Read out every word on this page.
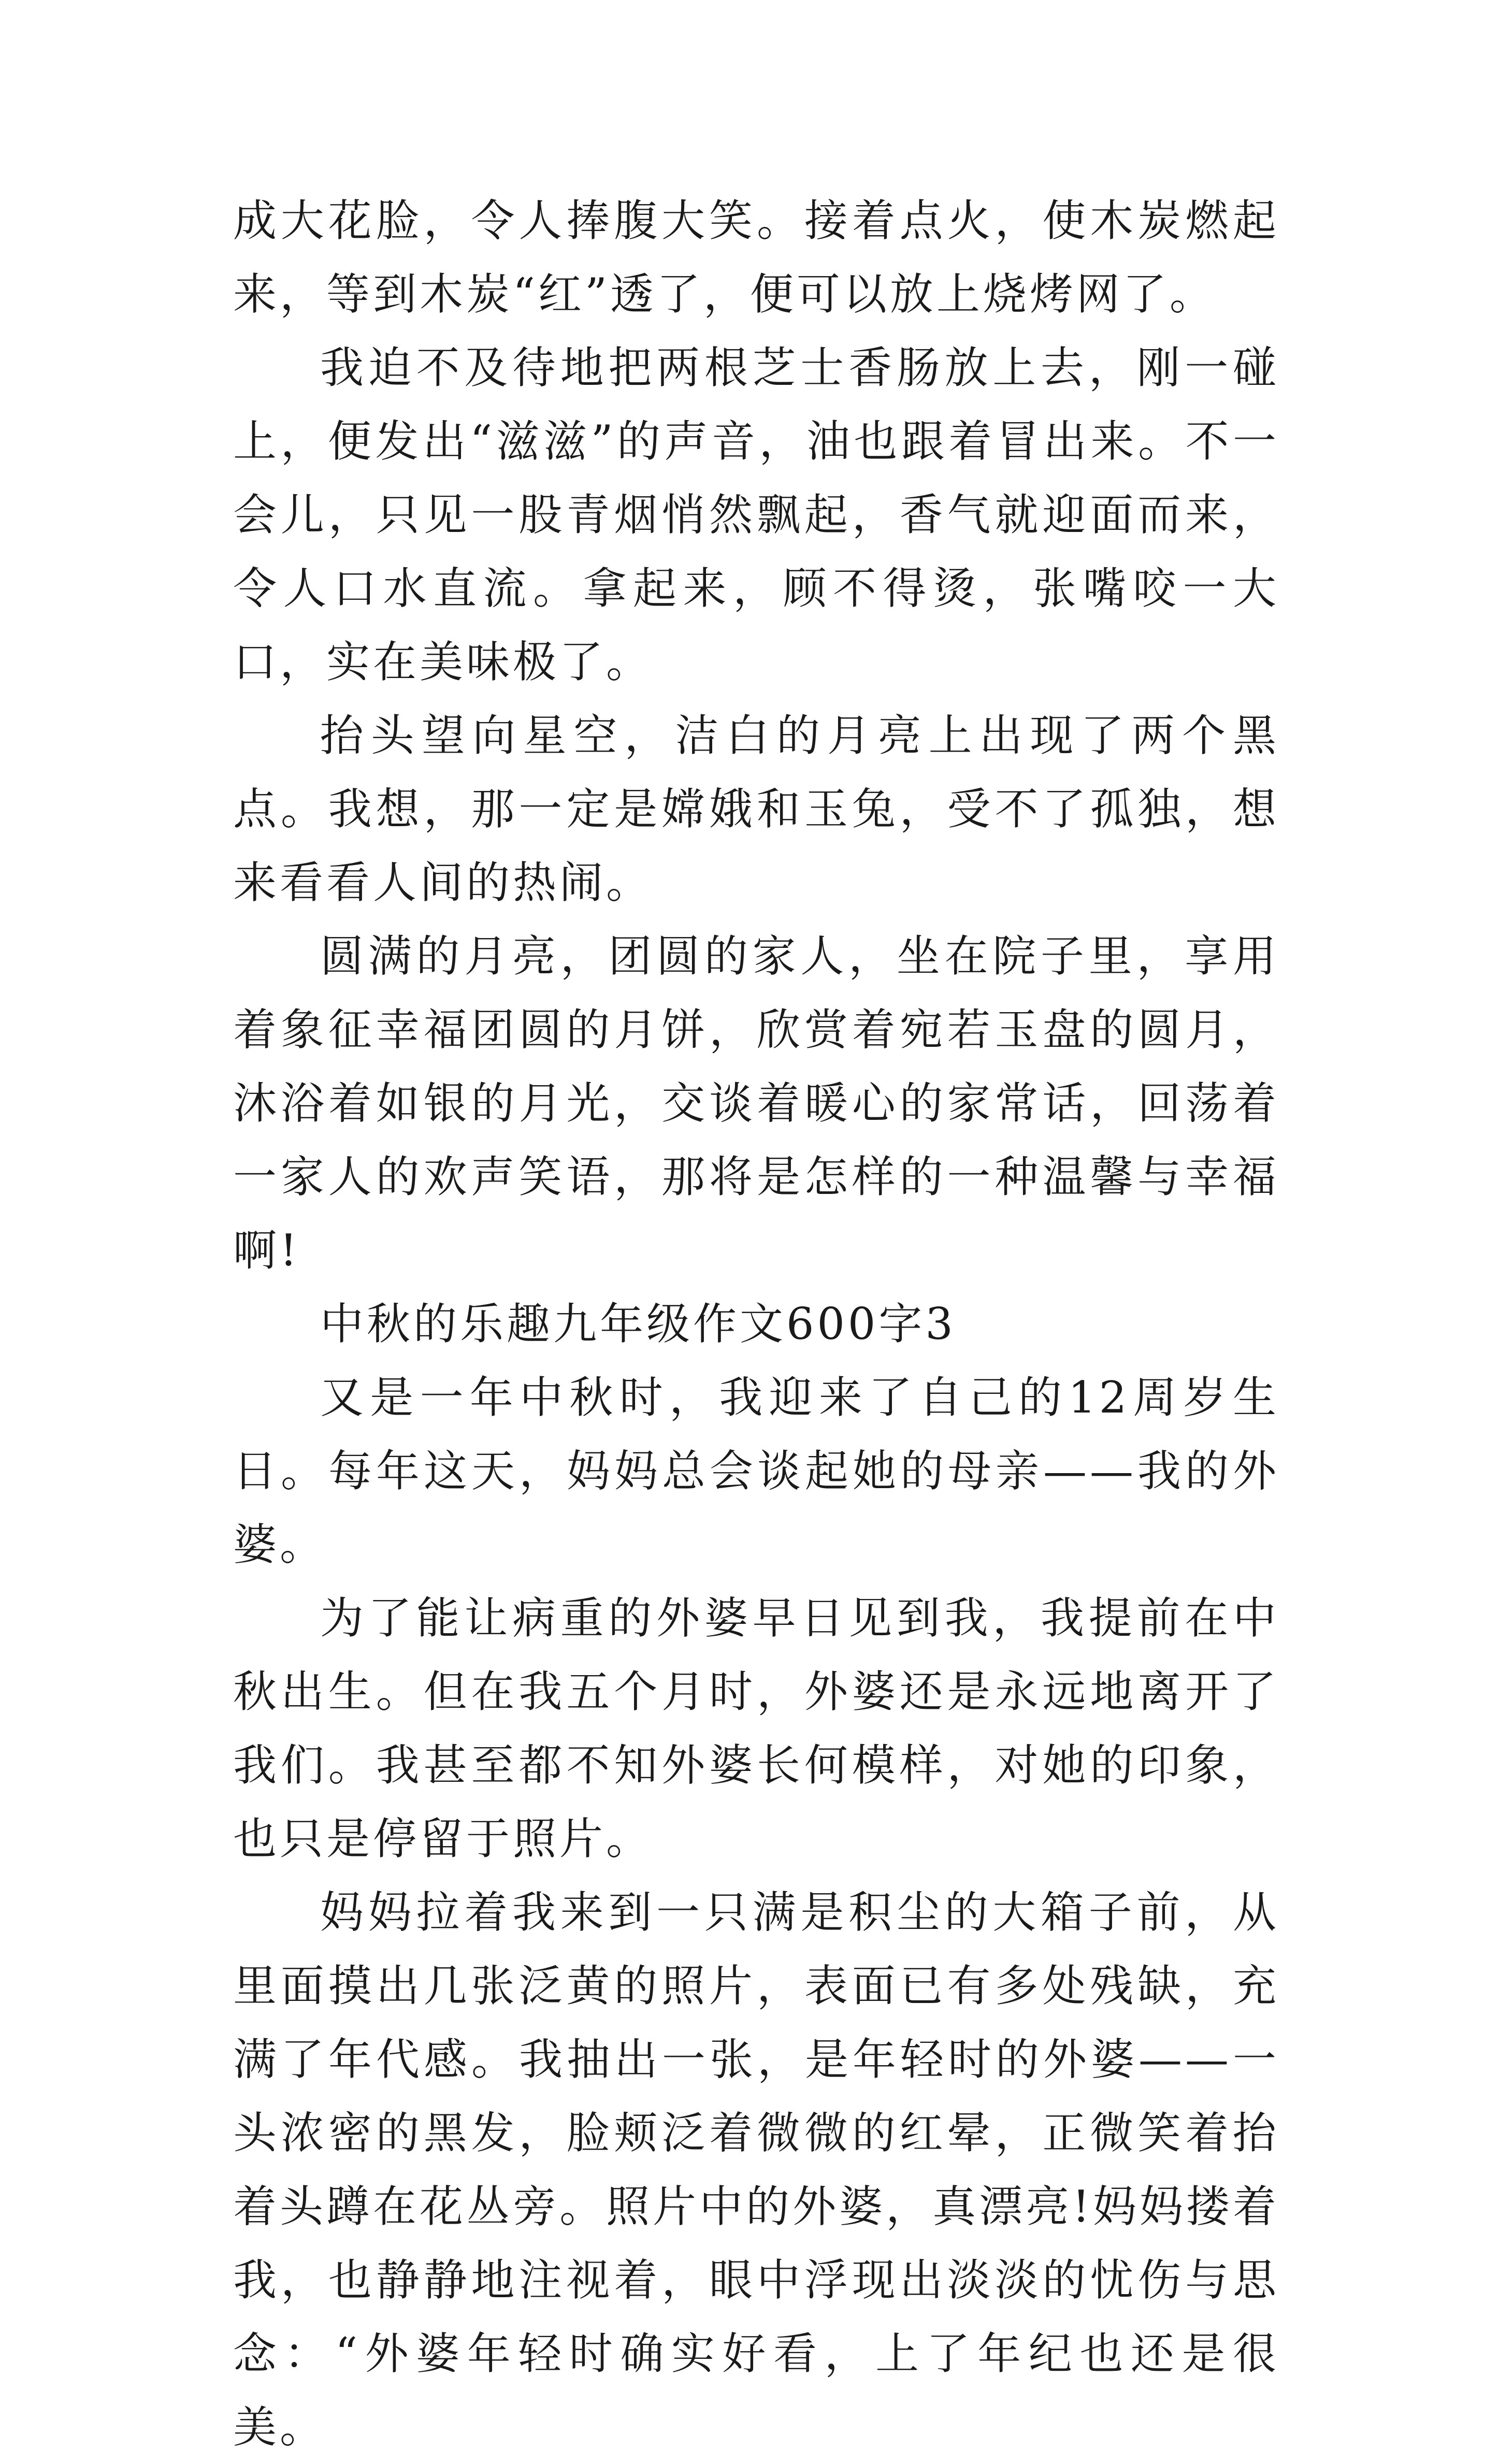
成大花脸，令人捧腹大笑。接着点火，使木炭燃起来，等到木炭“红”透了，便可以放上烧烤网了。

我迫不及待地把两根芝士香肠放上去，刚一碰上，便发出“滋滋”的声音，油也跟着冒出来。不一会儿，只见一股青烟悄然飘起，香气就迎面而来，令人口水直流。拿起来，顾不得烫，张嘴咬一大口，实在美味极了。

抬头望向星空，洁白的月亮上出现了两个黑点。我想，那一定是嫦娥和玉兔，受不了孤独，想来看看人间的热闹。

圆满的月亮，团圆的家人，坐在院子里，享用着象征幸福团圆的月饼，欣赏着宛若玉盘的圆月，沐浴着如银的月光，交谈着暖心的家常话，回荡着一家人的欢声笑语，那将是怎样的一种温馨与幸福啊!

中秋的乐趣九年级作文600字3

又是一年中秋时，我迎来了自己的12周岁生日。每年这天，妈妈总会谈起她的母亲——我的外婆。

为了能让病重的外婆早日见到我，我提前在中秋出生。但在我五个月时，外婆还是永远地离开了我们。我甚至都不知外婆长何模样，对她的印象，也只是停留于照片。

妈妈拉着我来到一只满是积尘的大箱子前，从里面摸出几张泛黄的照片，表面已有多处残缺，充满了年代感。我抽出一张，是年轻时的外婆——一头浓密的黑发，脸颊泛着微微的红晕，正微笑着抬着头蹲在花丛旁。照片中的外婆，真漂亮!妈妈搂着我，也静静地注视着，眼中浮现出淡淡的忧伤与思念：“外婆年轻时确实好看，上了年纪也还是很美。
